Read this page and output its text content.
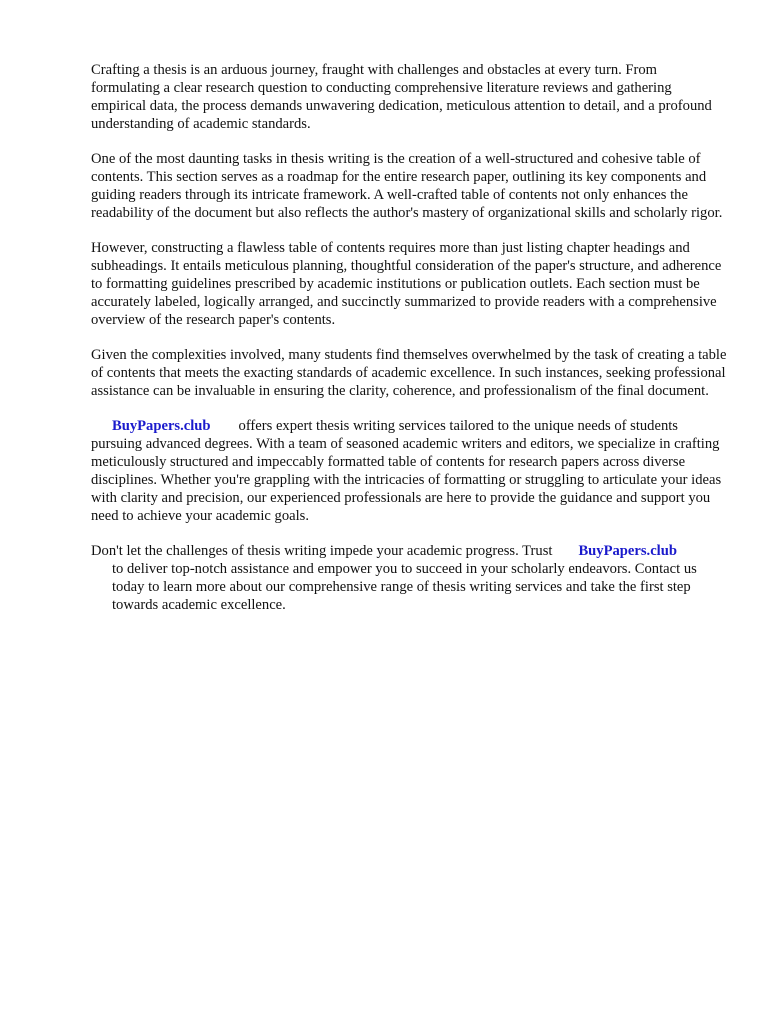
Crafting a thesis is an arduous journey, fraught with challenges and obstacles at every turn. From formulating a clear research question to conducting comprehensive literature reviews and gathering empirical data, the process demands unwavering dedication, meticulous attention to detail, and a profound understanding of academic standards.

One of the most daunting tasks in thesis writing is the creation of a well-structured and cohesive table of contents. This section serves as a roadmap for the entire research paper, outlining its key components and guiding readers through its intricate framework. A well-crafted table of contents not only enhances the readability of the document but also reflects the author's mastery of organizational skills and scholarly rigor.

However, constructing a flawless table of contents requires more than just listing chapter headings and subheadings. It entails meticulous planning, thoughtful consideration of the paper's structure, and adherence to formatting guidelines prescribed by academic institutions or publication outlets. Each section must be accurately labeled, logically arranged, and succinctly summarized to provide readers with a comprehensive overview of the research paper's contents.

Given the complexities involved, many students find themselves overwhelmed by the task of creating a table of contents that meets the exacting standards of academic excellence. In such instances, seeking professional assistance can be invaluable in ensuring the clarity, coherence, and professionalism of the final document.

BuyPapers.club offers expert thesis writing services tailored to the unique needs of students pursuing advanced degrees. With a team of seasoned academic writers and editors, we specialize in crafting meticulously structured and impeccably formatted table of contents for research papers across diverse disciplines. Whether you're grappling with the intricacies of formatting or struggling to articulate your ideas with clarity and precision, our experienced professionals are here to provide the guidance and support you need to achieve your academic goals.

Don't let the challenges of thesis writing impede your academic progress. Trust BuyPapers.club
to deliver top-notch assistance and empower you to succeed in your scholarly endeavors. Contact us today to learn more about our comprehensive range of thesis writing services and take the first step towards academic excellence.
